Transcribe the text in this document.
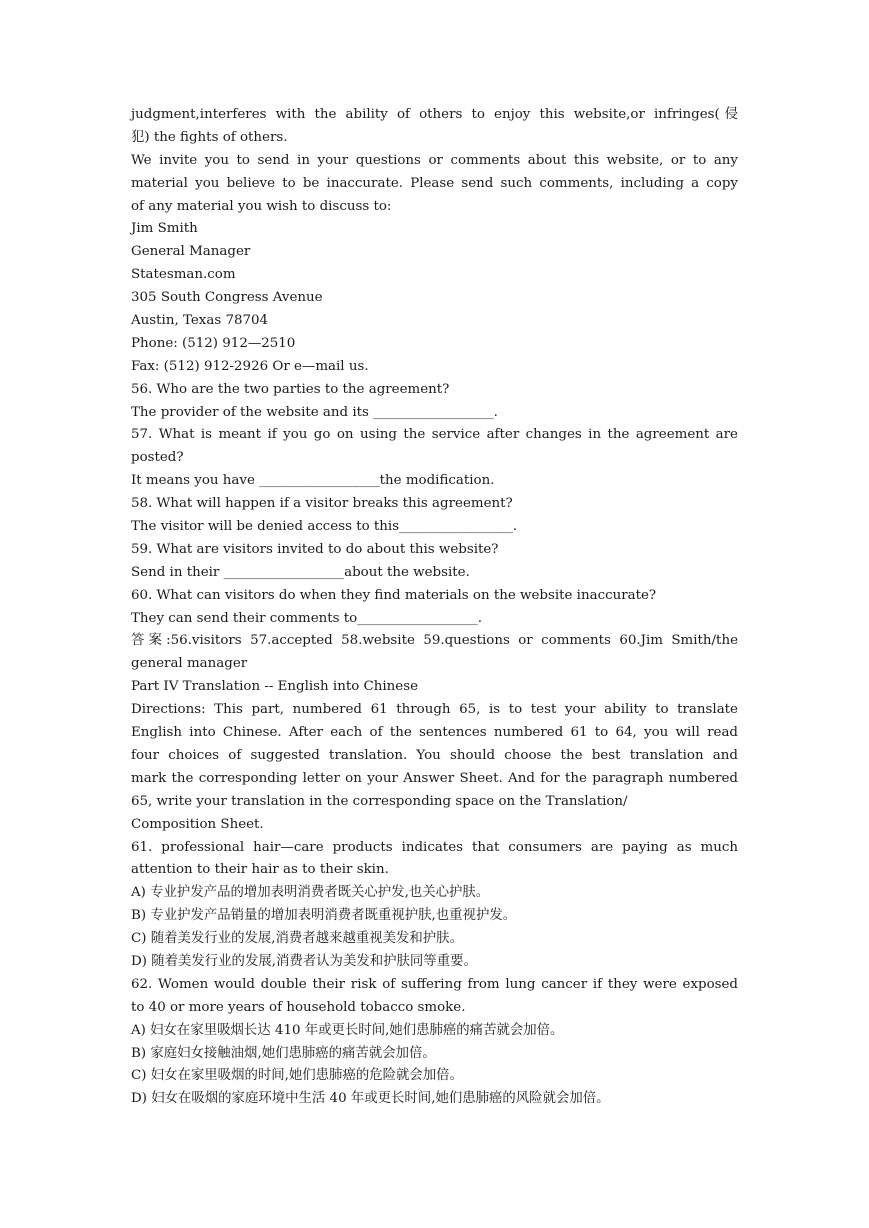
judgment,interferes with the ability of others to enjoy this website,or infringes(侵
犯) the fights of others.
We invite you to send in your questions or comments about this website, or to any
material you believe to be inaccurate. Please send such comments, including a copy
of any material you wish to discuss to:
Jim Smith
General Manager
Statesman.com
305 South Congress Avenue
Austin, Texas 78704
Phone: (512) 912—2510
Fax: (512) 912-2926 Or e—mail us.
56. Who are the two parties to the agreement?
The provider of the website and its __________________.
57. What is meant if you go on using the service after changes in the agreement are
posted?
It means you have __________________the modification.
58. What will happen if a visitor breaks this agreement?
The visitor will be denied access to this_________________.
59. What are visitors invited to do about this website?
Send in their __________________about the website.
60. What can visitors do when they find materials on the website inaccurate?
They can send their comments to__________________.
答案:56.visitors 57.accepted 58.website 59.questions or comments 60.Jim Smith/the
general manager
Part IV Translation -- English into Chinese
Directions: This part, numbered 61 through 65, is to test your ability to translate
English into Chinese. After each of the sentences numbered 61 to 64, you will read
four choices of suggested translation. You should choose the best translation and
mark the corresponding letter on your Answer Sheet. And for the paragraph numbered
65, write your translation in the corresponding space on the Translation/
Composition Sheet.
61. professional hair—care products indicates that consumers are paying as much
attention to their hair as to their skin.
A) 专业护发产品的增加表明消费者既关心护发,也关心护肤。
B) 专业护发产品销量的增加表明消费者既重视护肤,也重视护发。
C) 随着美发行业的发展,消费者越来越重视美发和护肤。
D) 随着美发行业的发展,消费者认为美发和护肤同等重要。
62. Women would double their risk of suffering from lung cancer if they were exposed
to 40 or more years of household tobacco smoke.
A) 妇女在家里吸烟长达 410 年或更长时间,她们患肺癌的痛苦就会加倍。
B) 家庭妇女接触油烟,她们患肺癌的痛苦就会加倍。
C) 妇女在家里吸烟的时间,她们患肺癌的危险就会加倍。
D) 妇女在吸烟的家庭环境中生活 40 年或更长时间,她们患肺癌的风险就会加倍。
